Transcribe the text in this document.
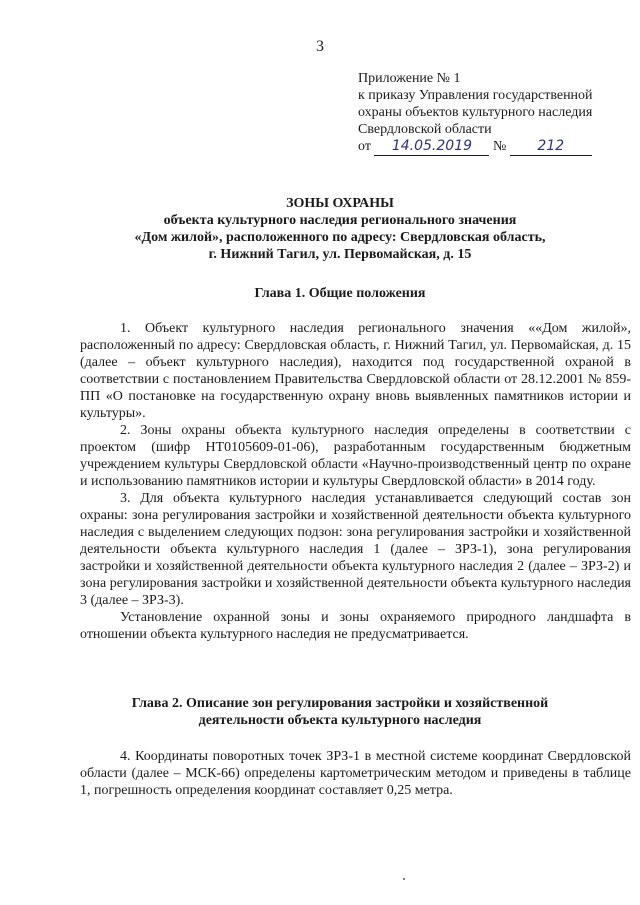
3
Приложение № 1
к приказу Управления государственной
охраны объектов культурного наследия
Свердловской области
от 14.05.2019 № 212
ЗОНЫ ОХРАНЫ
объекта культурного наследия регионального значения
«Дом жилой», расположенного по адресу: Свердловская область,
г. Нижний Тагил, ул. Первомайская, д. 15
Глава 1. Общие положения

1. Объект культурного наследия регионального значения ««Дом жилой», расположенный по адресу: Свердловская область, г. Нижний Тагил, ул. Первомайская, д. 15 (далее – объект культурного наследия), находится под государственной охраной в соответствии с постановлением Правительства Свердловской области от 28.12.2001 № 859-ПП «О постановке на государственную охрану вновь выявленных памятников истории и культуры».

2. Зоны охраны объекта культурного наследия определены в соответствии с проектом (шифр НТ0105609-01-06), разработанным государственным бюджетным учреждением культуры Свердловской области «Научно-производственный центр по охране и использованию памятников истории и культуры Свердловской области» в 2014 году.

3. Для объекта культурного наследия устанавливается следующий состав зон охраны: зона регулирования застройки и хозяйственной деятельности объекта культурного наследия с выделением следующих подзон: зона регулирования застройки и хозяйственной деятельности объекта культурного наследия 1 (далее – ЗРЗ-1), зона регулирования застройки и хозяйственной деятельности объекта культурного наследия 2 (далее – ЗРЗ-2) и зона регулирования застройки и хозяйственной деятельности объекта культурного наследия 3 (далее – ЗРЗ-3).

Установление охранной зоны и зоны охраняемого природного ландшафта в отношении объекта культурного наследия не предусматривается.

Глава 2. Описание зон регулирования застройки и хозяйственной
деятельности объекта культурного наследия

4. Координаты поворотных точек ЗРЗ-1 в местной системе координат Свердловской области (далее – МСК-66) определены картометрическим методом и приведены в таблице 1, погрешность определения координат составляет 0,25 метра.
